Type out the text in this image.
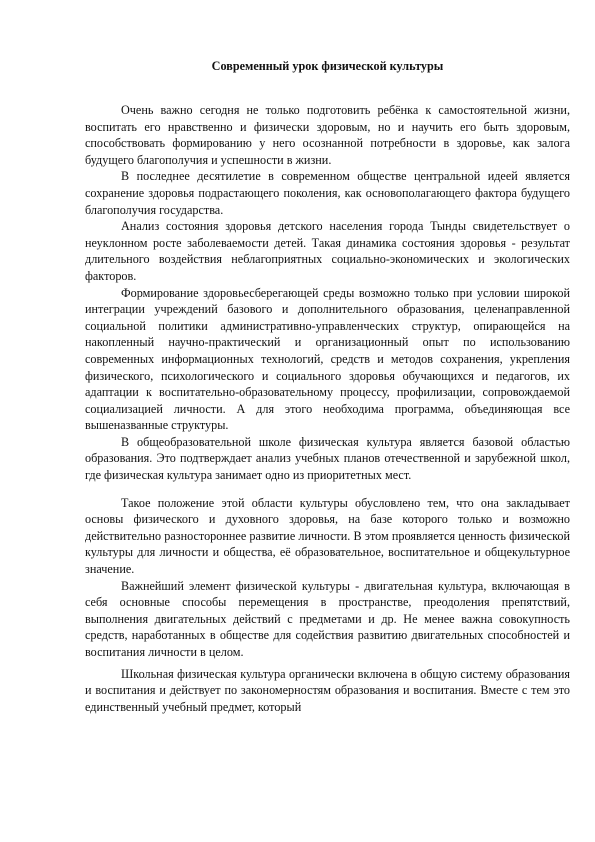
Современный урок физической культуры

Очень важно сегодня не только подготовить ребёнка к самостоятельной жизни, воспитать его нравственно и физически здоровым, но и научить его быть здоровым, способствовать формированию у него осознанной потребности в здоровье, как залога будущего благополучия и успешности в жизни.

В последнее десятилетие в современном обществе центральной идеей является сохранение здоровья подрастающего поколения, как основополагающего фактора будущего благополучия государства.

Анализ состояния здоровья детского населения города Тынды свидетельствует о неуклонном росте заболеваемости детей. Такая динамика состояния здоровья - результат длительного воздействия неблагоприятных социально-экономических и экологических факторов.

Формирование здоровьесберегающей среды возможно только при условии широкой интеграции учреждений базового и дополнительного образования, целенаправленной социальной политики административно-управленческих структур, опирающейся на накопленный научно-практический и организационный опыт по использованию современных информационных технологий, средств и методов сохранения, укрепления физического, психологического и социального здоровья обучающихся и педагогов, их адаптации к воспитательно-образовательному процессу, профилизации, сопровождаемой социализацией личности. А для этого необходима программа, объединяющая все вышеназванные структуры.

В общеобразовательной школе физическая культура является базовой областью образования. Это подтверждает анализ учебных планов отечественной и зарубежной школ, где физическая культура занимает одно из приоритетных мест.

Такое положение этой области культуры обусловлено тем, что она закладывает основы физического и духовного здоровья, на базе которого только и возможно действительно разностороннее развитие личности. В этом проявляется ценность физической культуры для личности и общества, её образовательное, воспитательное и общекультурное значение.

Важнейший элемент физической культуры - двигательная культура, включающая в себя основные способы перемещения в пространстве, преодоления препятствий, выполнения двигательных действий с предметами и др. Не менее важна совокупность средств, наработанных в обществе для содействия развитию двигательных способностей и воспитания личности в целом.

Школьная физическая культура органически включена в общую систему образования и воспитания и действует по закономерностям образования и воспитания. Вместе с тем это единственный учебный предмет, который
